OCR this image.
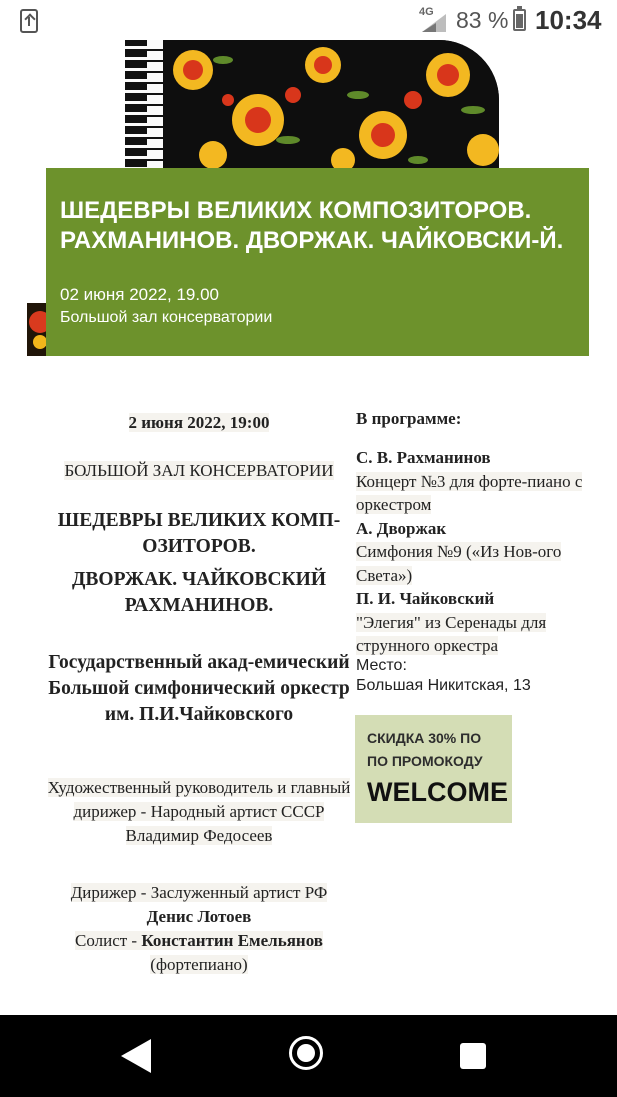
4G 83 % 10:34
ШЕДЕВРЫ ВЕЛИКИХ КОМПОЗИТОРОВ. РАХМАНИНОВ. ДВОРЖАК. ЧАЙКОВСКИ-Й.
02 июня 2022, 19.00
Большой зал консерватории
2 июня 2022, 19:00
БОЛЬШОЙ ЗАЛ КОНСЕРВАТОРИИ
ШЕДЕВРЫ ВЕЛИКИХ КОМП-ОЗИТОРОВ.
ДВОРЖАК. ЧАЙКОВСКИЙ РАХМАНИНОВ.
Государственный акад-емический Большой симфонический оркестр им. П.И.Чайковского
Художественный руководитель и главный дирижер - Народный артист СССР Владимир Федосеев
Дирижер - Заслуженный артист РФ
Денис Лотоев
Солист - Константин Емельянов
(фортепиано)
В программе:
С. В. Рахманинов
Концерт №3 для форте-пиано с оркестром
А. Дворжак
Симфония №9 («Из Нов-ого Света»)
П. И. Чайковский
"Элегия" из Серенады для струнного оркестра
Место:
Большая Никитская, 13
СКИДКА 30% ПО
ПО ПРОМОКОДУ
WELCOME
